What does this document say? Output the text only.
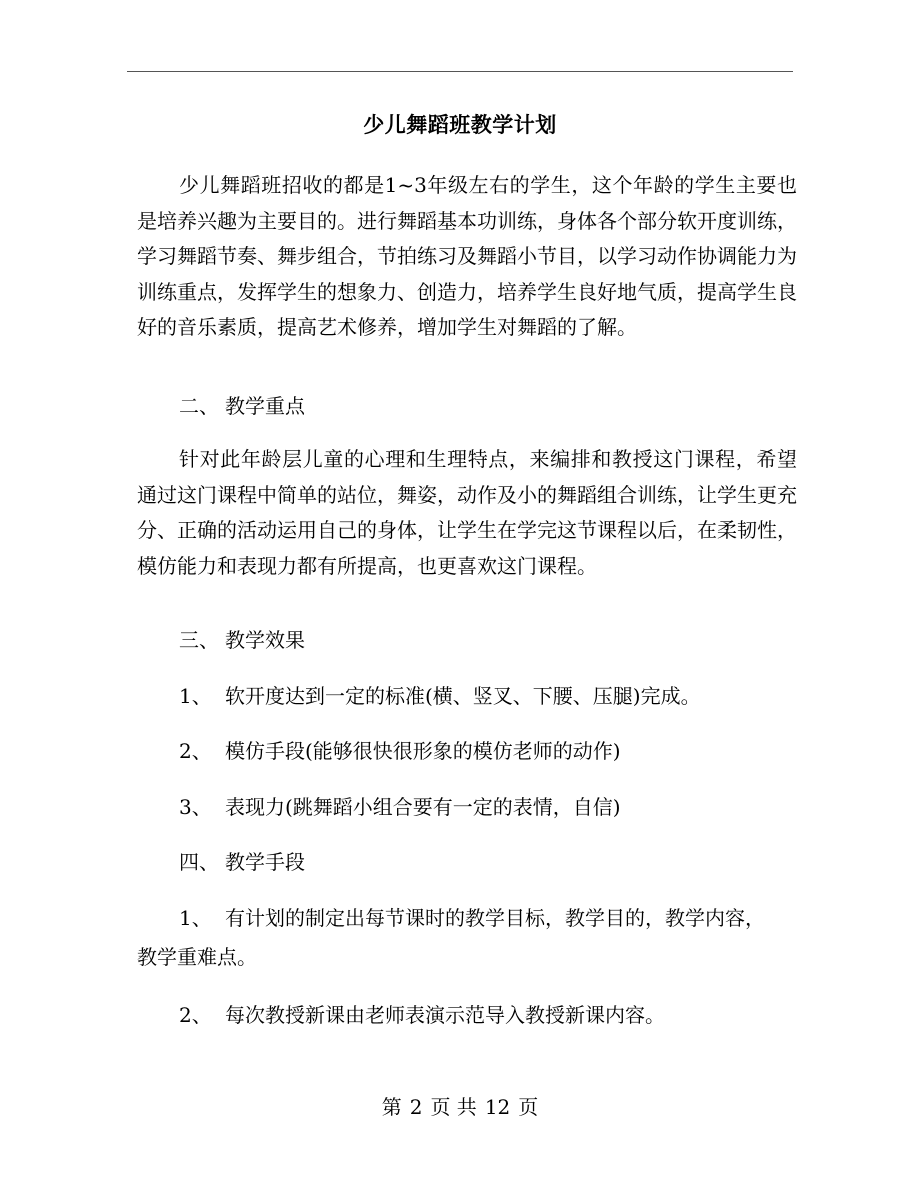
少儿舞蹈班教学计划

少儿舞蹈班招收的都是1~3年级左右的学生，这个年龄的学生主要也是培养兴趣为主要目的。进行舞蹈基本功训练，身体各个部分软开度训练，学习舞蹈节奏、舞步组合，节拍练习及舞蹈小节目，以学习动作协调能力为训练重点，发挥学生的想象力、创造力，培养学生良好地气质，提高学生良好的音乐素质，提高艺术修养，增加学生对舞蹈的了解。

二、 教学重点

针对此年龄层儿童的心理和生理特点，来编排和教授这门课程，希望通过这门课程中简单的站位，舞姿，动作及小的舞蹈组合训练，让学生更充分、正确的活动运用自己的身体，让学生在学完这节课程以后，在柔韧性，模仿能力和表现力都有所提高，也更喜欢这门课程。

三、 教学效果
1、 软开度达到一定的标准(横、竖叉、下腰、压腿)完成。
2、 模仿手段(能够很快很形象的模仿老师的动作)
3、 表现力(跳舞蹈小组合要有一定的表情，自信)
四、 教学手段
1、 有计划的制定出每节课时的教学目标，教学目的，教学内容，
教学重难点。
2、 每次教授新课由老师表演示范导入教授新课内容。
第 2 页 共 12 页
